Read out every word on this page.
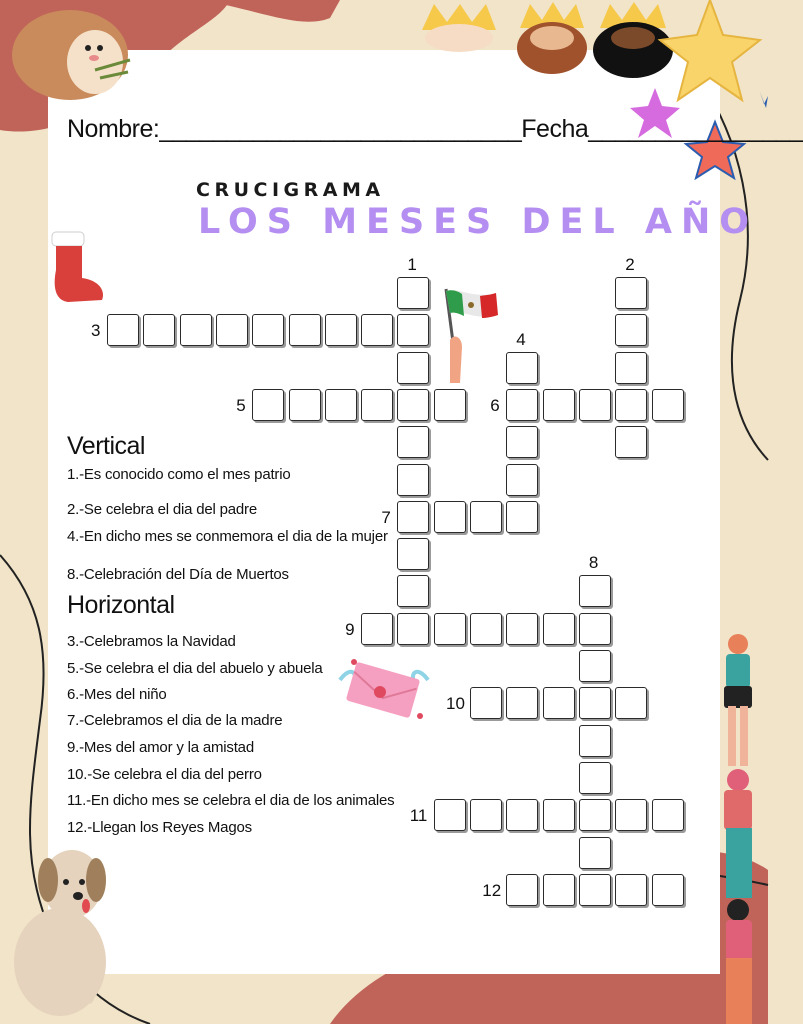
Nombre:___________________________Fecha________________
CRUCIGRAMA
LOS MESES DEL AÑO
1	2
3	4
5	6
7
8
9
10
11
12
Vertical
1.-Es conocido como el mes patrio
2.-Se celebra el dia del padre
4.-En dicho mes se conmemora el dia de la mujer
8.-Celebración del Día de Muertos
Horizontal
3.-Celebramos la Navidad
5.-Se celebra el dia del abuelo y abuela
6.-Mes del niño
7.-Celebramos el dia de la madre
9.-Mes del amor y la amistad
10.-Se celebra el dia del perro
11.-En dicho mes se celebra el dia de los animales
12.-Llegan los Reyes Magos
